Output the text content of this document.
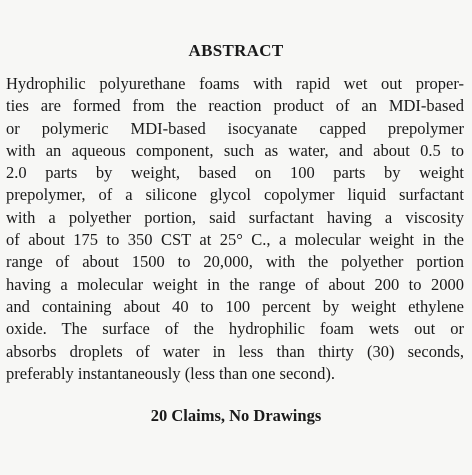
ABSTRACT
Hydrophilic polyurethane foams with rapid wet out proper-
ties are formed from the reaction product of an MDI-based
or polymeric MDI-based isocyanate capped prepolymer
with an aqueous component, such as water, and about 0.5 to
2.0 parts by weight, based on 100 parts by weight
prepolymer, of a silicone glycol copolymer liquid surfactant
with a polyether portion, said surfactant having a viscosity
of about 175 to 350 CST at 25° C., a molecular weight in the
range of about 1500 to 20,000, with the polyether portion
having a molecular weight in the range of about 200 to 2000
and containing about 40 to 100 percent by weight ethylene
oxide. The surface of the hydrophilic foam wets out or
absorbs droplets of water in less than thirty (30) seconds,
preferably instantaneously (less than one second).
20 Claims, No Drawings
